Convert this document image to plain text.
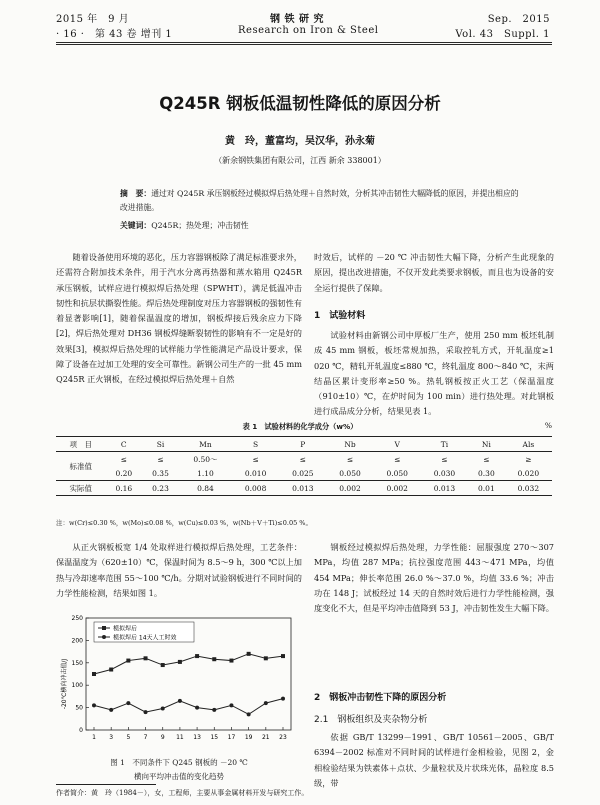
2015 年　9 月
· 16 ·　第 43 卷 增刊 1
钢 铁 研 究
Research on Iron & Steel
Sep.　2015
Vol. 43　Suppl. 1
Q245R 钢板低温韧性降低的原因分析
黄　玲，董富均，吴汉华，孙永菊
（新余钢铁集团有限公司，江西 新余 338001）
摘　要：通过对 Q245R 承压钢板经过模拟焊后热处理＋自然时效，分析其冲击韧性大幅降低的原因，并提出相应的改进措施。
关键词：Q245R；热处理；冲击韧性
随着设备使用环境的恶化，压力容器钢板除了满足标准要求外，还需符合附加技术条件，用于汽水分离再热器和蒸水箱用 Q245R 承压钢板，试样应进行模拟焊后热处理（SPWHT），满足低温冲击韧性和抗层状撕裂性能。焊后热处理制度对压力容器钢板的强韧性有着显著影响[1]，随着保温温度的增加，钢板焊接后残余应力下降[2]，焊后热处理对 DH36 钢板焊缝断裂韧性的影响有不一定是好的效果[3]，模拟焊后热处理的试样能力学性能满足产品设计要求，保障了设备在过加工处理的安全可靠性。新钢公司生产的一批 45 mm Q245R 正火钢板，在经过模拟焊后热处理＋自然
时效后，试样的 －20 ℃ 冲击韧性大幅下降，分析产生此现象的原因，提出改进措施，不仅开发此类要求钢板，而且也为设备的安全运行提供了保障。
1　试验材料
试验材料由新钢公司中厚板厂生产，使用 250 mm 板坯轧制成 45 mm 钢板，板坯常规加热，采取控轧方式，开轧温度≥1 020 ℃，精轧开轧温度≤880 ℃，终轧温度 800～840 ℃，末两结晶区累计变形率≥50 %。热轧钢板按正火工艺（保温温度（910±10）℃，在炉时间为 100 min）进行热处理。对此钢板进行成品成分分析，结果见表 1。
表 1　试验材料的化学成分（w%）	%
项　目	C	Si	Mn	S	P	Nb	V	Ti	Ni	Als
标准值	≤	≤	0.50～	≤	≤	≤	≤	≤	≤	≥
	0.20	0.35	1.10	0.010	0.025	0.050	0.050	0.030	0.30	0.020
实际值	0.16	0.23	0.84	0.008	0.013	0.002	0.002	0.013	0.01	0.032
注：w(Cr)≤0.30 %，w(Mo)≤0.08 %，w(Cu)≤0.03 %，w(Nb＋V＋Ti)≤0.05 %。
从正火钢板板宽 1/4 处取样进行模拟焊后热处理，工艺条件：保温温度为（620±10）℃，保温时间为 8.5～9 h，300 ℃以上加热与冷却速率范围 55～100 ℃/h。分期对试验钢板进行不同时间的力学性能检测，结果如图 1。
-20℃横向冲击值/J
0
50
100
150
200
250
1 3 5 7 9 11 13 15 17 19 21 23
模拟焊后
模拟焊后 14天人工时效
图 1　不同条件下 Q245 钢板的 －20 ℃
横向平均冲击值的变化趋势
钢板经过模拟焊后热处理，力学性能：屈服强度 270～307 MPa，均值 287 MPa；抗拉强度范围 443～471 MPa，均值 454 MPa；伸长率范围 26.0 %～37.0 %，均值 33.6 %；冲击功在 148 J；试板经过 14 天的自然时效后进行力学性能检测，强度变化不大，但是平均冲击值降到 53 J，冲击韧性发生大幅下降。
2　钢板冲击韧性下降的原因分析
2.1　钢板组织及夹杂物分析
依据 GB/T 13299－1991、GB/T 10561－2005、GB/T 6394－2002 标准对不同时间的试样进行金相检验，见图 2，金相检验结果为铁素体＋点状、少量粒状及片状珠光体，晶粒度 8.5 级，带
作者简介：黄　玲（1984－），女，工程师，主要从事金属材料开发与研究工作。
